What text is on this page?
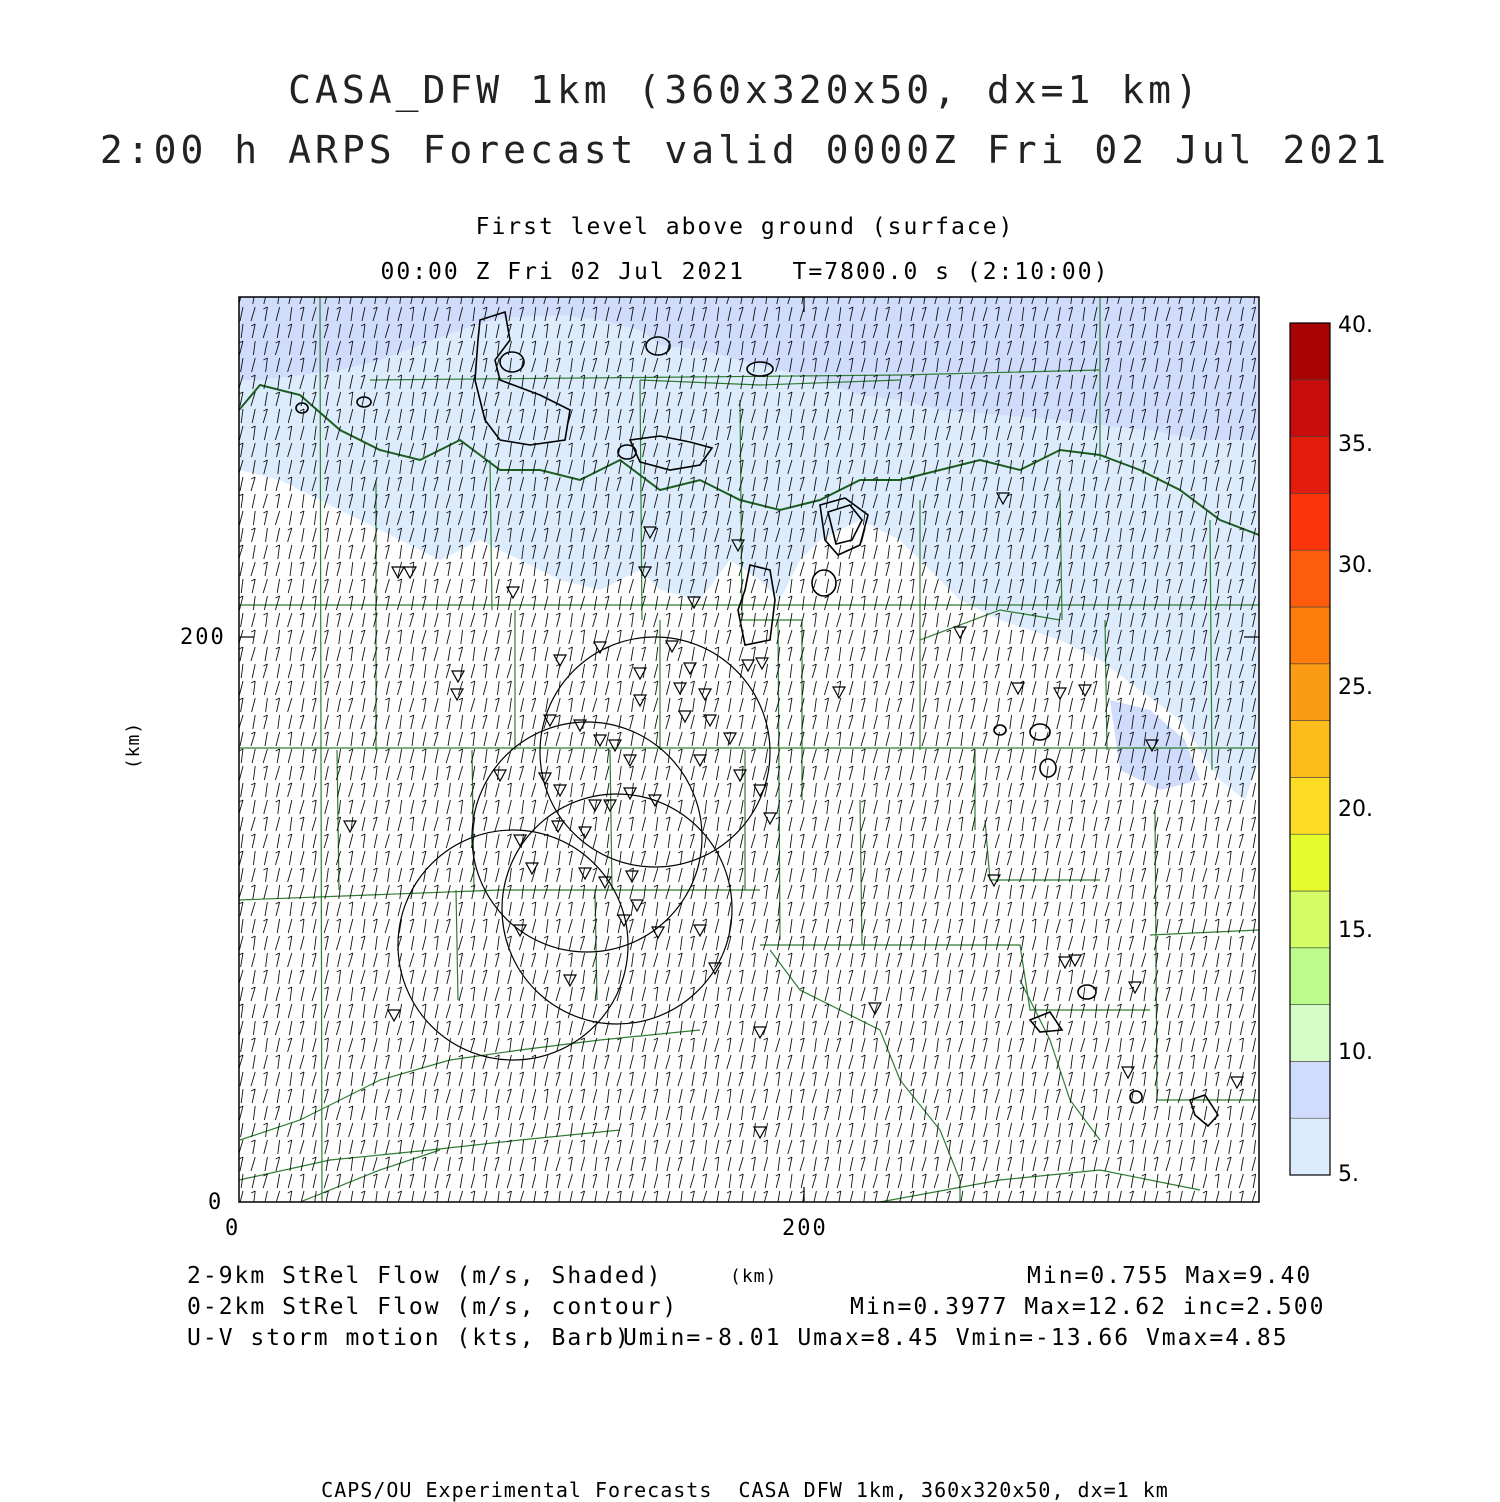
CASA_DFW 1km (360x320x50, dx=1 km)
2:00 h ARPS Forecast valid 0000Z Fri 02 Jul 2021
First level above ground (surface)
00:00 Z Fri 02 Jul 2021   T=7800.0 s (2:10:00)
0	200
0
200
(km)
(km)
5.
10.
15.
20.
25.
30.
35.
40.
2-9km StRel Flow (m/s, Shaded)	Min=0.755 Max=9.40
0-2km StRel Flow (m/s, contour)	Min=0.3977 Max=12.62 inc=2.500
U-V storm motion (kts, Barb)
Umin=-8.01 Umax=8.45 Vmin=-13.66 Vmax=4.85
CAPS/OU Experimental Forecasts  CASA DFW 1km, 360x320x50, dx=1 km
